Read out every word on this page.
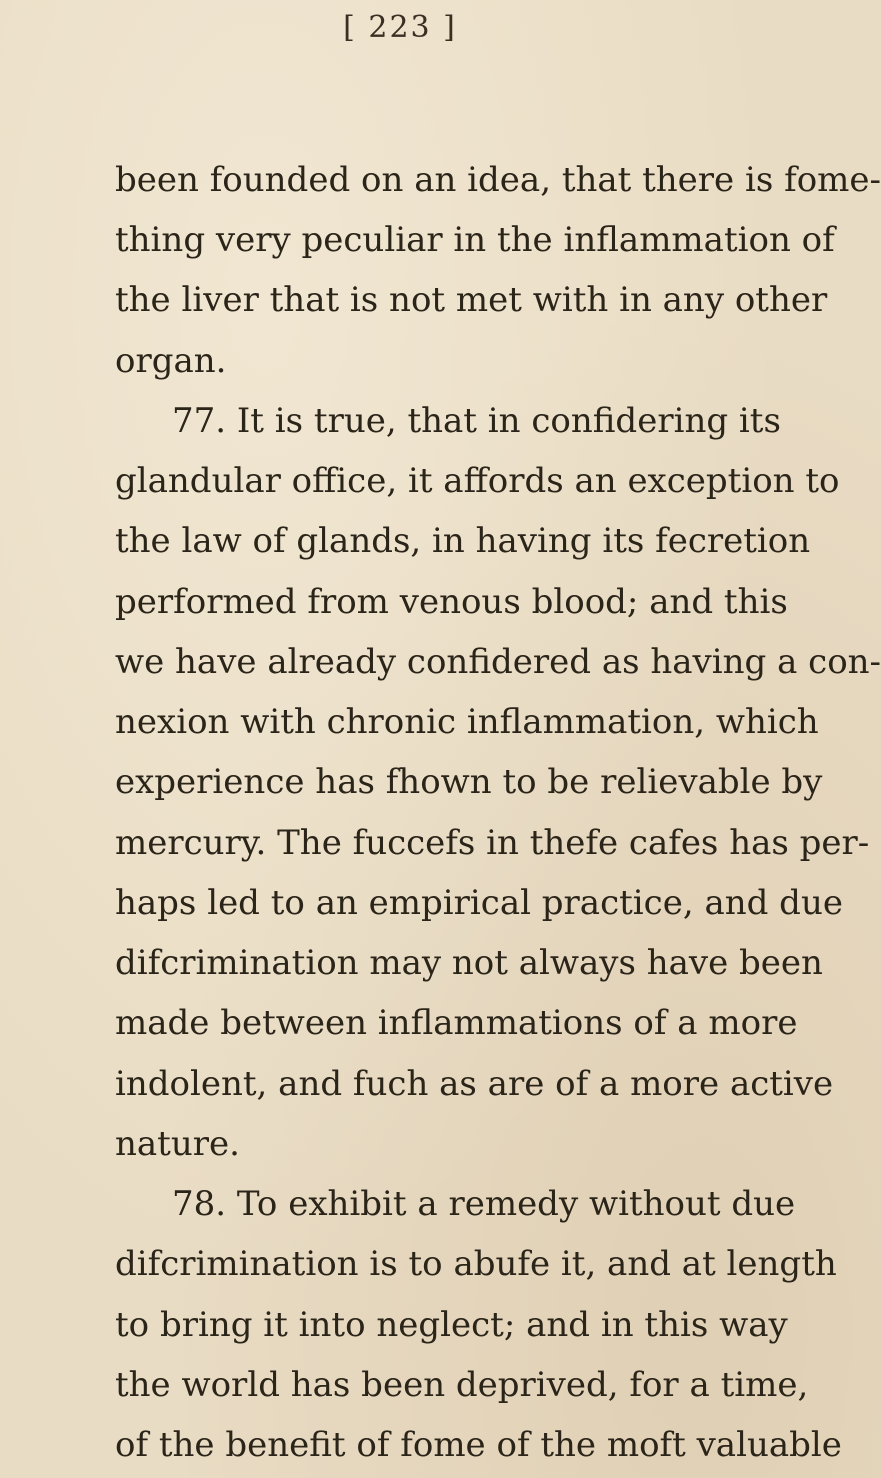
[ 223 ]
been founded on an idea, that there is fome-
thing very peculiar in the inflammation of
the liver that is not met with in any other
organ.
77. It is true, that in confidering its
glandular office, it affords an exception to
the law of glands, in having its fecretion
performed from venous blood; and this
we have already confidered as having a con-
nexion with chronic inflammation, which
experience has fhown to be relievable by
mercury. The fuccefs in thefe cafes has per-
haps led to an empirical practice, and due
difcrimination may not always have been
made between inflammations of a more
indolent, and fuch as are of a more active
nature.
78. To exhibit a remedy without due
difcrimination is to abufe it, and at length
to bring it into neglect; and in this way
the world has been deprived, for a time,
of the benefit of fome of the moft valuable
